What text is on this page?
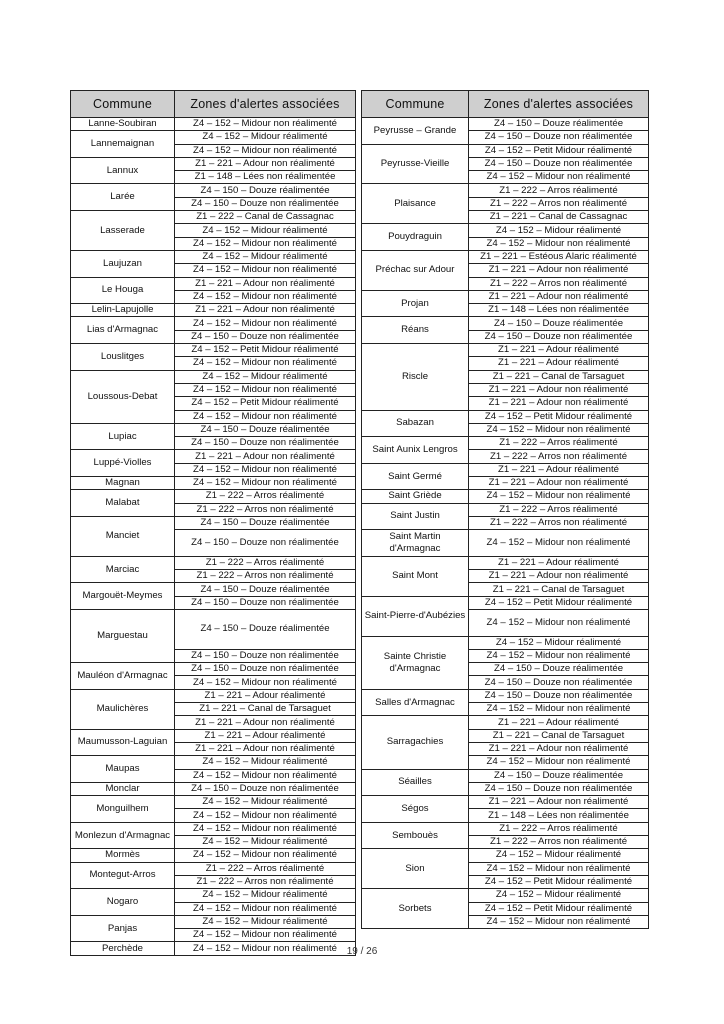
Commune	Zones d'alertes associées
Lanne-Soubiran	Z4 – 152 – Midour non réalimenté
Lannemaignan	Z4 – 152 – Midour réalimenté
	Z4 – 152 – Midour non réalimenté
Lannux	Z1 – 221 – Adour non réalimenté
	Z1 – 148 – Lées non réalimentée
Larée	Z4 – 150 – Douze réalimentée
	Z4 – 150 – Douze non réalimentée
Lasserade	Z1 – 222 – Canal de Cassagnac
	Z4 – 152 – Midour réalimenté
	Z4 – 152 – Midour non réalimenté
Laujuzan	Z4 – 152 – Midour réalimenté
	Z4 – 152 – Midour non réalimenté
Le Houga	Z1 – 221 – Adour non réalimenté
	Z4 – 152 – Midour non réalimenté
Lelin-Lapujolle	Z1 – 221 – Adour non réalimenté
Lias d'Armagnac	Z4 – 152 – Midour non réalimenté
	Z4 – 150 – Douze non réalimentée
Louslitges	Z4 – 152 – Petit Midour réalimenté
	Z4 – 152 – Midour non réalimenté
Loussous-Debat	Z4 – 152 – Midour réalimenté
	Z4 – 152 – Midour non réalimenté
	Z4 – 152 – Petit Midour réalimenté
	Z4 – 152 – Midour non réalimenté
Lupiac	Z4 – 150 – Douze réalimentée
	Z4 – 150 – Douze non réalimentée
Luppé-Violles	Z1 – 221 – Adour non réalimenté
	Z4 – 152 – Midour non réalimenté
Magnan	Z4 – 152 – Midour non réalimenté
Malabat	Z1 – 222 – Arros réalimenté
	Z1 – 222 – Arros non réalimenté
Manciet	Z4 – 150 – Douze réalimentée
	Z4 – 150 – Douze non réalimentée
Marciac	Z1 – 222 – Arros réalimenté
	Z1 – 222 – Arros non réalimenté
Margouët-Meymes	Z4 – 150 – Douze réalimentée
	Z4 – 150 – Douze non réalimentée
Marguestau	Z4 – 150 – Douze réalimentée
	Z4 – 150 – Douze non réalimentée
Mauléon d'Armagnac	Z4 – 150 – Douze non réalimentée
	Z4 – 152 – Midour non réalimenté
Maulichères	Z1 – 221 – Adour réalimenté
	Z1 – 221 – Canal de Tarsaguet
	Z1 – 221 – Adour non réalimenté
Maumusson-Laguian	Z1 – 221 – Adour réalimenté
	Z1 – 221 – Adour non réalimenté
Maupas	Z4 – 152 – Midour réalimenté
	Z4 – 152 – Midour non réalimenté
Monclar	Z4 – 150 – Douze non réalimentée
Monguilhem	Z4 – 152 – Midour réalimenté
	Z4 – 152 – Midour non réalimenté
Monlezun d'Armagnac	Z4 – 152 – Midour non réalimenté
	Z4 – 152 – Midour réalimenté
Mormès	Z4 – 152 – Midour non réalimenté
Montegut-Arros	Z1 – 222 – Arros réalimenté
	Z1 – 222 – Arros non réalimenté
Nogaro	Z4 – 152 – Midour réalimenté
	Z4 – 152 – Midour non réalimenté
Panjas	Z4 – 152 – Midour réalimenté
	Z4 – 152 – Midour non réalimenté
Perchède	Z4 – 152 – Midour non réalimenté
Commune	Zones d'alertes associées
Peyrusse – Grande	Z4 – 150 – Douze réalimentée
	Z4 – 150 – Douze non réalimentée
Peyrusse-Vieille	Z4 – 152 – Petit Midour réalimenté
	Z4 – 150 – Douze non réalimentée
	Z4 – 152 – Midour non réalimenté
Plaisance	Z1 – 222 – Arros réalimenté
	Z1 – 222 – Arros non réalimenté
	Z1 – 221 – Canal de Cassagnac
Pouydraguin	Z4 – 152 – Midour réalimenté
	Z4 – 152 – Midour non réalimenté
Préchac sur Adour	Z1 – 221 – Estéous Alaric réalimenté
	Z1 – 221 – Adour non réalimenté
	Z1 – 222 – Arros non réalimenté
Projan	Z1 – 221 – Adour non réalimenté
	Z1 – 148 – Lées non réalimentée
Réans	Z4 – 150 – Douze réalimentée
	Z4 – 150 – Douze non réalimentée
Riscle	Z1 – 221 – Adour réalimenté
	Z1 – 221 – Adour réalimenté
	Z1 – 221 – Canal de Tarsaguet
	Z1 – 221 – Adour non réalimenté
	Z1 – 221 – Adour non réalimenté
Sabazan	Z4 – 152 – Petit Midour réalimenté
	Z4 – 152 – Midour non réalimenté
Saint Aunix Lengros	Z1 – 222 – Arros réalimenté
	Z1 – 222 – Arros non réalimenté
Saint Germé	Z1 – 221 – Adour réalimenté
	Z1 – 221 – Adour non réalimenté
Saint Griède	Z4 – 152 – Midour non réalimenté
Saint Justin	Z1 – 222 – Arros réalimenté
	Z1 – 222 – Arros non réalimenté
Saint Martin d'Armagnac	Z4 – 152 – Midour non réalimenté
Saint Mont	Z1 – 221 – Adour réalimenté
	Z1 – 221 – Adour non réalimenté
	Z1 – 221 – Canal de Tarsaguet
Saint-Pierre-d'Aubézies	Z4 – 152 – Petit Midour réalimenté
	Z4 – 152 – Midour non réalimenté
Sainte Christie d'Armagnac	Z4 – 152 – Midour réalimenté
	Z4 – 152 – Midour non réalimenté
	Z4 – 150 – Douze réalimentée
	Z4 – 150 – Douze non réalimentée
Salles d'Armagnac	Z4 – 150 – Douze non réalimentée
	Z4 – 152 – Midour non réalimenté
Sarragachies	Z1 – 221 – Adour réalimenté
	Z1 – 221 – Canal de Tarsaguet
	Z1 – 221 – Adour non réalimenté
	Z4 – 152 – Midour non réalimenté
Séailles	Z4 – 150 – Douze réalimentée
	Z4 – 150 – Douze non réalimentée
Ségos	Z1 – 221 – Adour non réalimenté
	Z1 – 148 – Lées non réalimentée
Sembouès	Z1 – 222 – Arros réalimenté
	Z1 – 222 – Arros non réalimenté
Sion	Z4 – 152 – Midour réalimenté
	Z4 – 152 – Midour non réalimenté
	Z4 – 152 – Petit Midour réalimenté
Sorbets	Z4 – 152 – Midour réalimenté
	Z4 – 152 – Petit Midour réalimenté
	Z4 – 152 – Midour non réalimenté
19 / 26
